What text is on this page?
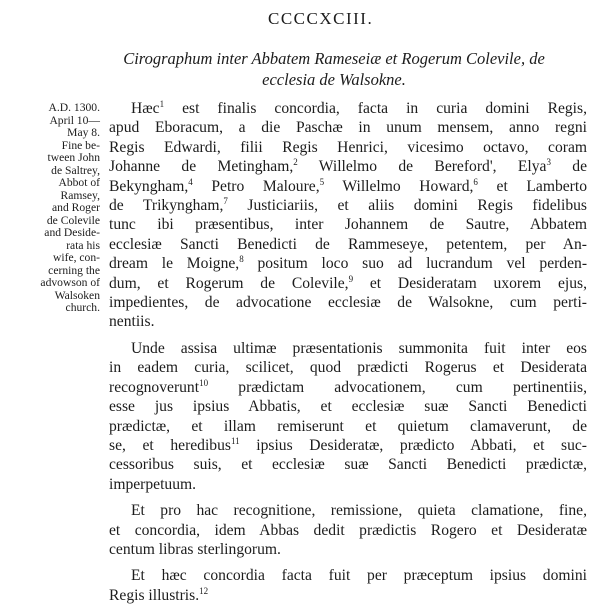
CCCCXCIII.
Cirographum inter Abbatem Rameseiæ et Rogerum Colevile, de
ecclesia de Walsokne.
A.D. 1300.
April 10—
May 8.
Fine be-
tween John
de Saltrey,
Abbot of
Ramsey,
and Roger
de Colevile
and Deside-
rata his
wife, con-
cerning the
advowson of
Walsoken
church.
Hæc$^1$ est finalis concordia, facta in curia domini Regis,
apud Eboracum, a die Paschæ in unum mensem, anno regni
Regis Edwardi, filii Regis Henrici, vicesimo octavo, coram
Johanne de Metingham,$^2$ Willelmo de Bereford', Elya$^3$ de
Bekyngham,$^4$ Petro Maloure,$^5$ Willelmo Howard,$^6$ et Lamberto
de Trikyngham,$^7$ Justiciariis, et aliis domini Regis fidelibus
tunc ibi præsentibus, inter Johannem de Sautre, Abbatem
ecclesiæ Sancti Benedicti de Rammeseye, petentem, per An-
dream le Moigne,$^8$ positum loco suo ad lucrandum vel perden-
dum, et Rogerum de Colevile,$^9$ et Desideratam uxorem ejus,
impedientes, de advocatione ecclesiæ de Walsokne, cum perti-
nentiis.
Unde assisa ultimæ præsentationis summonita fuit inter eos
in eadem curia, scilicet, quod prædicti Rogerus et Desiderata
recognoverunt$^{10}$ prædictam advocationem, cum pertinentiis,
esse jus ipsius Abbatis, et ecclesiæ suæ Sancti Benedicti
prædictæ, et illam remiserunt et quietum clamaverunt, de
se, et heredibus$^{11}$ ipsius Desideratæ, prædicto Abbati, et suc-
cessoribus suis, et ecclesiæ suæ Sancti Benedicti prædictæ,
imperpetuum.
Et pro hac recognitione, remissione, quieta clamatione, fine,
et concordia, idem Abbas dedit prædictis Rogero et Desideratæ
centum libras sterlingorum.
Et hæc concordia facta fuit per præceptum ipsius domini
Regis illustris.$^{12}$
